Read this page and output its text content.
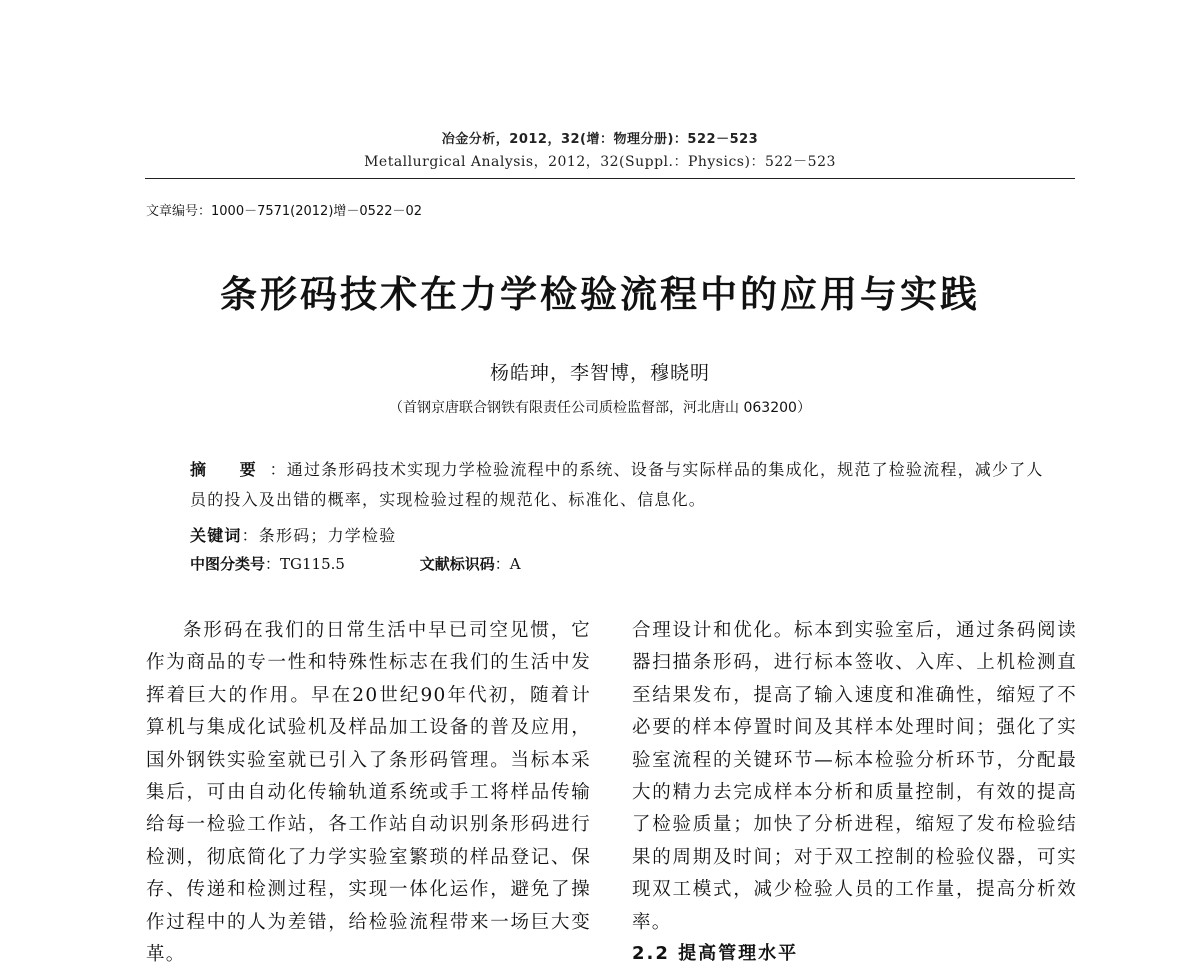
冶金分析，2012，32(增：物理分册)：522－523
Metallurgical Analysis，2012，32(Suppl.：Physics)：522－523
文章编号：1000－7571(2012)增－0522－02
条形码技术在力学检验流程中的应用与实践
杨皓珅，李智博，穆晓明
（首钢京唐联合钢铁有限责任公司质检监督部，河北唐山 063200）
摘 要：通过条形码技术实现力学检验流程中的系统、设备与实际样品的集成化，规范了检验流程，减少了人员的投入及出错的概率，实现检验过程的规范化、标准化、信息化。
关键词：条形码；力学检验
中图分类号：TG115.5	文献标识码：A

条形码在我们的日常生活中早已司空见惯，它作为商品的专一性和特殊性标志在我们的生活中发挥着巨大的作用。早在20世纪90年代初，随着计算机与集成化试验机及样品加工设备的普及应用，国外钢铁实验室就已引入了条形码管理。当标本采集后，可由自动化传输轨道系统或手工将样品传输给每一检验工作站，各工作站自动识别条形码进行检测，彻底简化了力学实验室繁琐的样品登记、保存、传递和检测过程，实现一体化运作，避免了操作过程中的人为差错，给检验流程带来一场巨大变革。

合理设计和优化。标本到实验室后，通过条码阅读器扫描条形码，进行标本签收、入库、上机检测直至结果发布，提高了输入速度和准确性，缩短了不必要的样本停置时间及其样本处理时间；强化了实验室流程的关键环节—标本检验分析环节，分配最大的精力去完成样本分析和质量控制，有效的提高了检验质量；加快了分析进程，缩短了发布检验结果的周期及时间；对于双工控制的检验仪器，可实现双工模式，减少检验人员的工作量，提高分析效率。

2.2 提高管理水平
